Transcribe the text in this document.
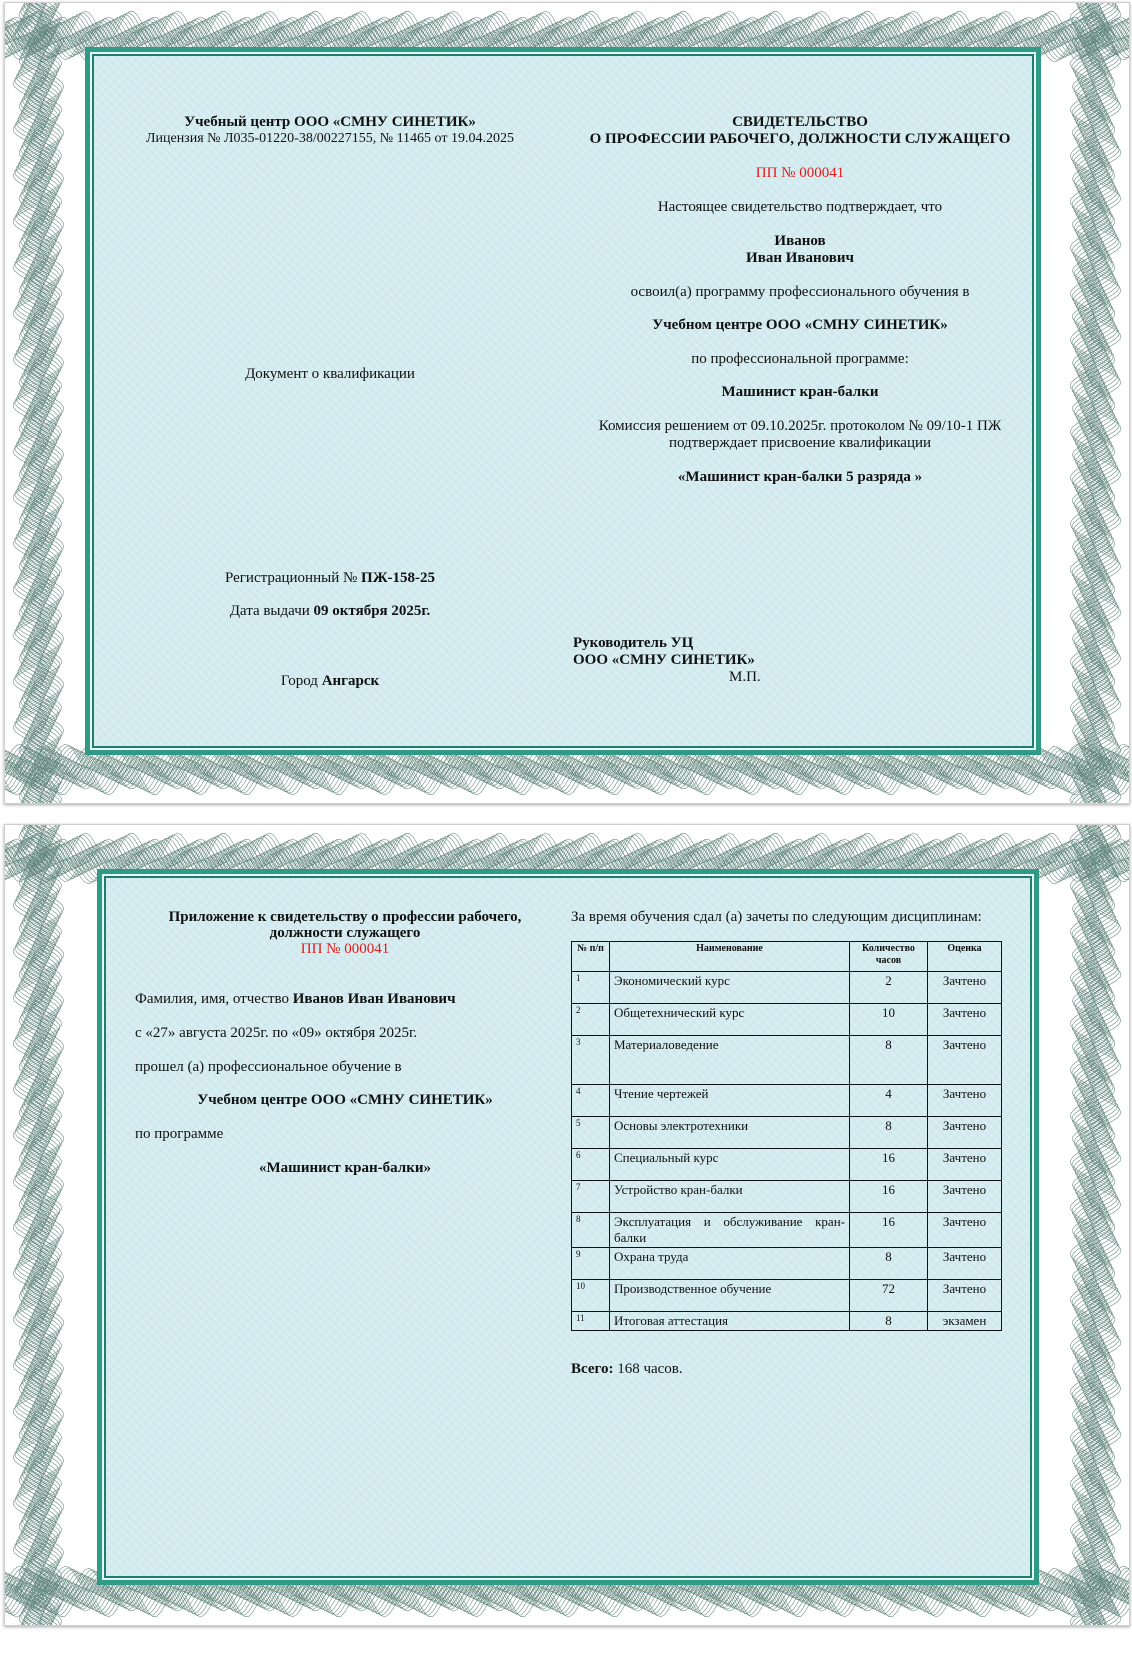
Учебный центр ООО «СМНУ СИНЕТИК»
Лицензия № Л035-01220-38/00227155, № 11465 от 19.04.2025
Документ о квалификации
Регистрационный № ПЖ-158-25
Дата выдачи 09 октября 2025г.
Город Ангарск
СВИДЕТЕЛЬСТВО
О ПРОФЕССИИ РАБОЧЕГО, ДОЛЖНОСТИ СЛУЖАЩЕГО
ПП № 000041
Настоящее свидетельство подтверждает, что
Иванов
Иван Иванович
освоил(а) программу профессионального обучения в
Учебном центре ООО «СМНУ СИНЕТИК»
по профессиональной программе:
Машинист кран-балки
Комиссия решением от 09.10.2025г. протоколом № 09/10-1 ПЖ
подтверждает присвоение квалификации
«Машинист кран-балки 5 разряда »
Руководитель УЦ
ООО «СМНУ СИНЕТИК»
М.П.
Приложение к свидетельству о профессии рабочего,
должности служащего
ПП № 000041
Фамилия, имя, отчество Иванов Иван Иванович
с «27» августа 2025г. по «09» октября 2025г.
прошел (а) профессиональное обучение в
Учебном центре ООО «СМНУ СИНЕТИК»
по программе
«Машинист кран-балки»
За время обучения сдал (а) зачеты по следующим дисциплинам:
№ п/п	Наименование	Количество часов	Оценка
1	Экономический курс	2	Зачтено
2	Общетехнический курс	10	Зачтено
3	Материаловедение	8	Зачтено
4	Чтение чертежей	4	Зачтено
5	Основы электротехники	8	Зачтено
6	Специальный курс	16	Зачтено
7	Устройство кран-балки	16	Зачтено
8	Эксплуатация и обслуживание кран-балки	16	Зачтено
9	Охрана труда	8	Зачтено
10	Производственное обучение	72	Зачтено
11	Итоговая аттестация	8	экзамен
Всего: 168 часов.
